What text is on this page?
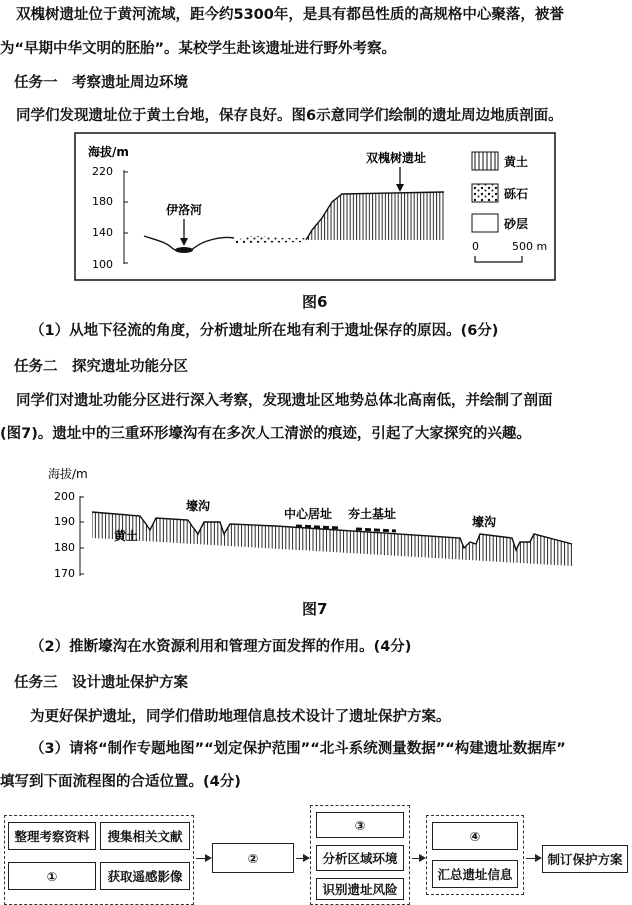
双槐树遗址位于黄河流域，距今约5300年，是具有都邑性质的高规格中心聚落，被誉
为“早期中华文明的胚胎”。某校学生赴该遗址进行野外考察。
任务一　考察遗址周边环境
同学们发现遗址位于黄土台地，保存良好。图6示意同学们绘制的遗址周边地质剖面。
海拔/m
220
180
140
100
伊洛河
双槐树遗址	黄土
砾石
砂层
0	500 m
图6
（1）从地下径流的角度，分析遗址所在地有利于遗址保存的原因。(6分)
任务二　探究遗址功能分区
同学们对遗址功能分区进行深入考察，发现遗址区地势总体北高南低，并绘制了剖面
(图7)。遗址中的三重环形壕沟有在多次人工清淤的痕迹，引起了大家探究的兴趣。
海拔/m
200
190
180
170
壕沟
黄土
中心居址 夯土基址
壕沟
图7
（2）推断壕沟在水资源利用和管理方面发挥的作用。(4分)
任务三　设计遗址保护方案
为更好保护遗址，同学们借助地理信息技术设计了遗址保护方案。
（3）请将“制作专题地图”“划定保护范围”“北斗系统测量数据”“构建遗址数据库”
填写到下面流程图的合适位置。(4分)
整理考察资料	搜集相关文献
①	获取遥感影像
②
③
分析区域环境
识别遗址风险
④
汇总遗址信息
制订保护方案
